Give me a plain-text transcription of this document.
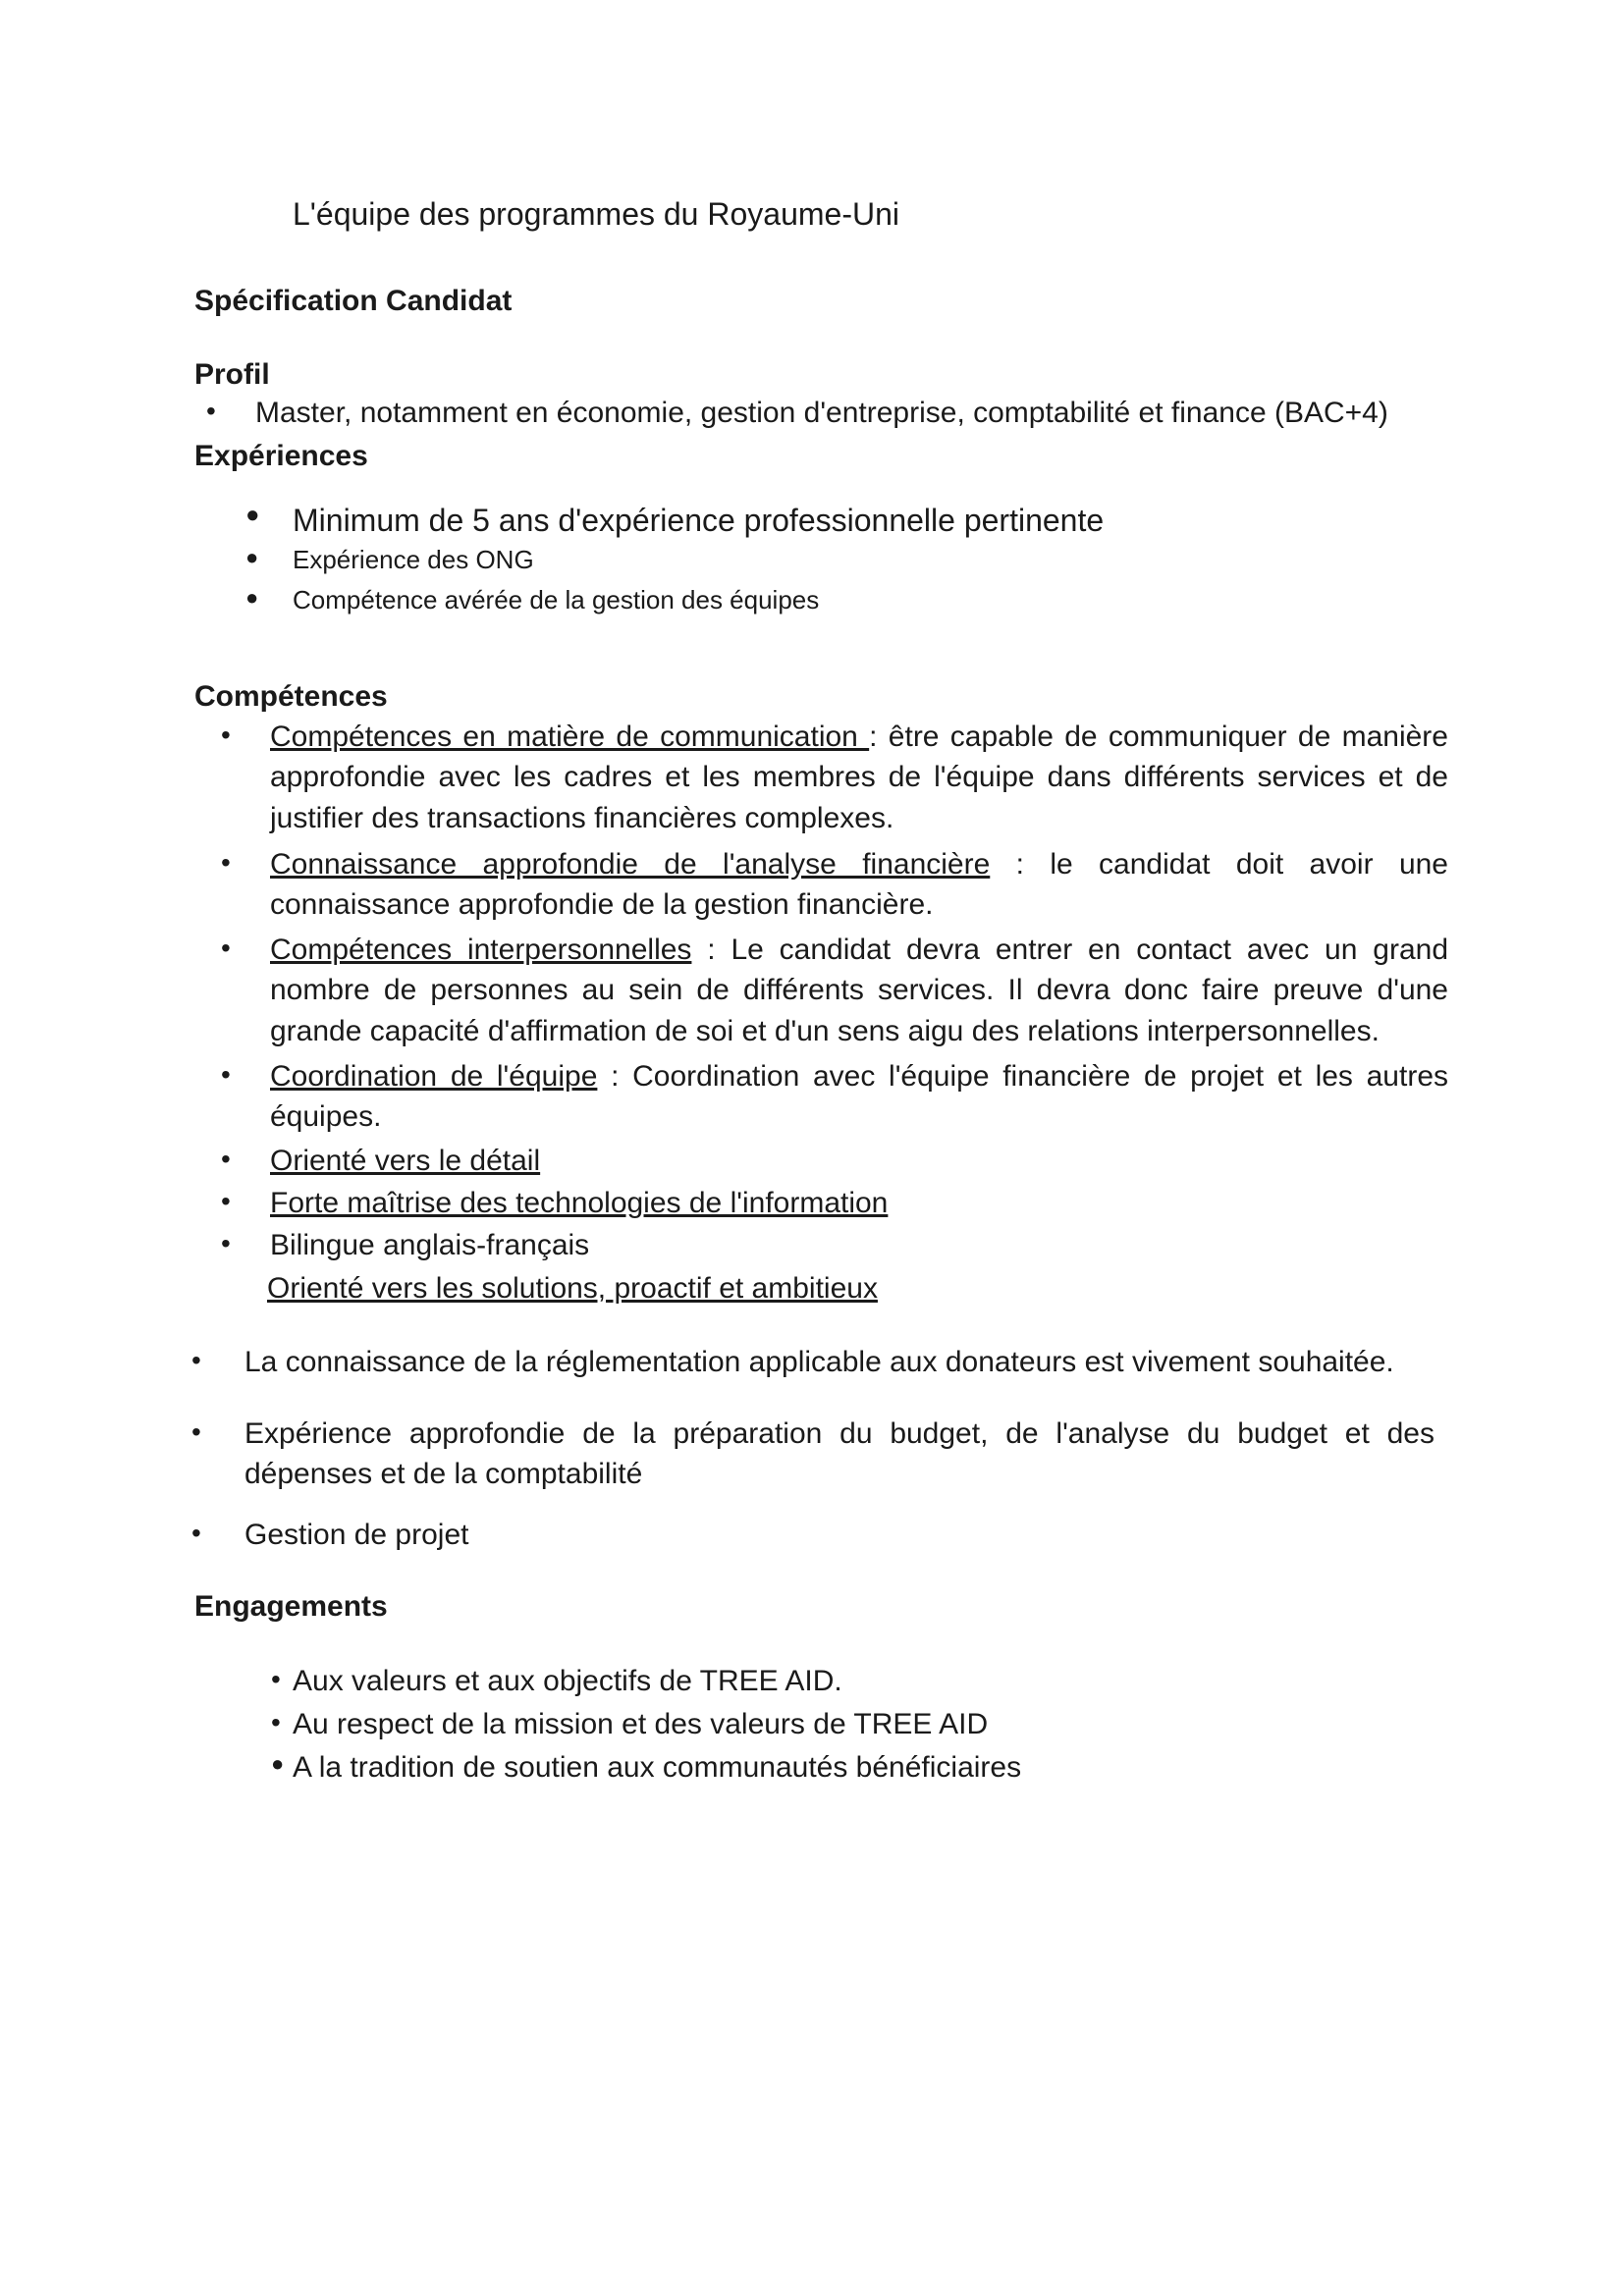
L'équipe des programmes du Royaume-Uni
Spécification Candidat
Profil
• Master, notamment en économie, gestion d'entreprise, comptabilité et finance (BAC+4)
Expériences
● Minimum de 5 ans d'expérience professionnelle pertinente
● Expérience des ONG
● Compétence avérée de la gestion des équipes
Compétences
• Compétences en matière de communication : être capable de communiquer de manière approfondie avec les cadres et les membres de l'équipe dans différents services et de justifier des transactions financières complexes.
• Connaissance approfondie de l'analyse financière : le candidat doit avoir une connaissance approfondie de la gestion financière.
• Compétences interpersonnelles : Le candidat devra entrer en contact avec un grand nombre de personnes au sein de différents services. Il devra donc faire preuve d'une grande capacité d'affirmation de soi et d'un sens aigu des relations interpersonnelles.
• Coordination de l'équipe : Coordination avec l'équipe financière de projet et les autres équipes.
• Orienté vers le détail
• Forte maîtrise des technologies de l'information
• Bilingue anglais-français
Orienté vers les solutions, proactif et ambitieux
• La connaissance de la réglementation applicable aux donateurs est vivement souhaitée.
• Expérience approfondie de la préparation du budget, de l'analyse du budget et des dépenses et de la comptabilité
• Gestion de projet
Engagements
• Aux valeurs et aux objectifs de TREE AID.
• Au respect de la mission et des valeurs de TREE AID
● A la tradition de soutien aux communautés bénéficiaires
